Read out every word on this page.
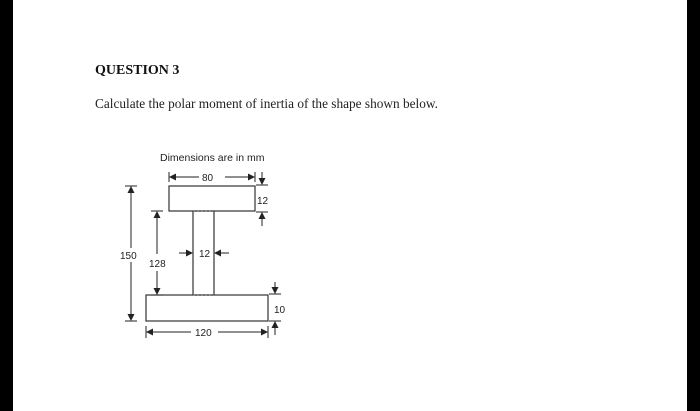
QUESTION 3

Calculate the polar moment of inertia of the shape shown below.

Dimensions are in mm
80
12
150
128
12
10
120
